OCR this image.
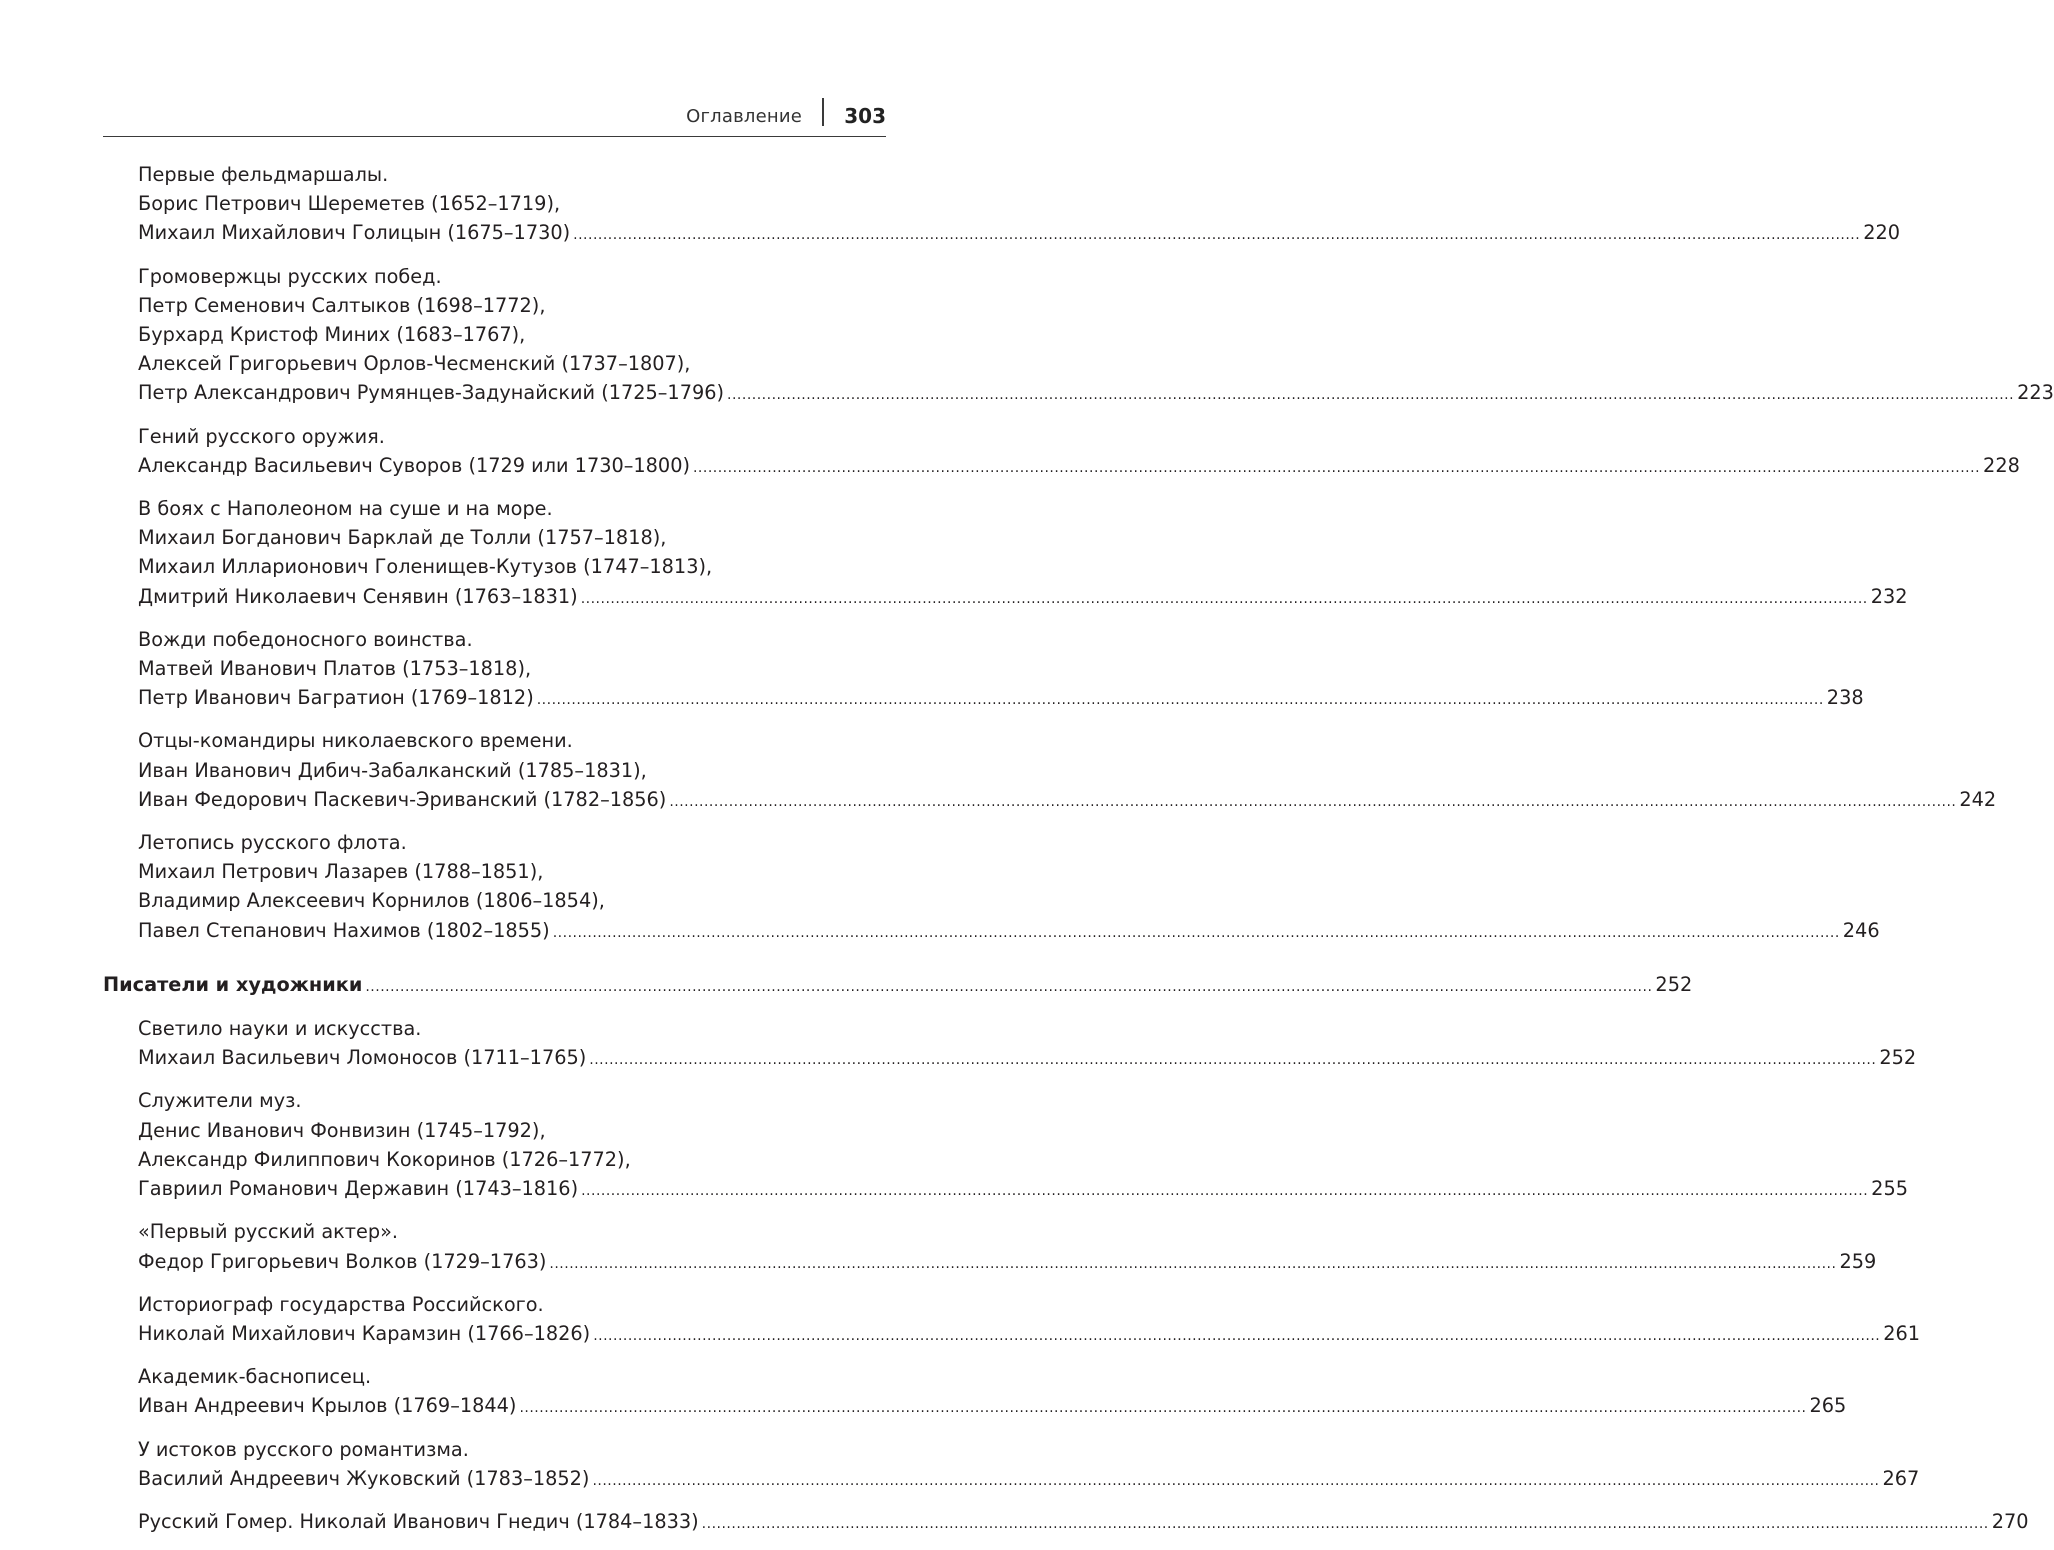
Оглавление 303
Первые фельдмаршалы.
Борис Петрович Шереметев (1652–1719),
Михаил Михайлович Голицын (1675–1730) .................................................................................................................................................................................................................................................................... 220
Громовержцы русских побед.
Петр Семенович Салтыков (1698–1772),
Бурхард Кристоф Миних (1683–1767),
Алексей Григорьевич Орлов-Чесменский (1737–1807),
Петр Александрович Румянцев-Задунайский (1725–1796) .................................................................................................................................................................................................................................................................... 223
Гений русского оружия.
Александр Васильевич Суворов (1729 или 1730–1800) .................................................................................................................................................................................................................................................................... 228
В боях с Наполеоном на суше и на море.
Михаил Богданович Барклай де Толли (1757–1818),
Михаил Илларионович Голенищев-Кутузов (1747–1813),
Дмитрий Николаевич Сенявин (1763–1831) .................................................................................................................................................................................................................................................................... 232
Вожди победоносного воинства.
Матвей Иванович Платов (1753–1818),
Петр Иванович Багратион (1769–1812) .................................................................................................................................................................................................................................................................... 238
Отцы-командиры николаевского времени.
Иван Иванович Дибич-Забалканский (1785–1831),
Иван Федорович Паскевич-Эриванский (1782–1856) .................................................................................................................................................................................................................................................................... 242
Летопись русского флота.
Михаил Петрович Лазарев (1788–1851),
Владимир Алексеевич Корнилов (1806–1854),
Павел Степанович Нахимов (1802–1855) .................................................................................................................................................................................................................................................................... 246
Писатели и художники .................................................................................................................................................................................................................................................................... 252
Светило науки и искусства.
Михаил Васильевич Ломоносов (1711–1765) .................................................................................................................................................................................................................................................................... 252
Служители муз.
Денис Иванович Фонвизин (1745–1792),
Александр Филиппович Кокоринов (1726–1772),
Гавриил Романович Державин (1743–1816) .................................................................................................................................................................................................................................................................... 255
«Первый русский актер».
Федор Григорьевич Волков (1729–1763) .................................................................................................................................................................................................................................................................... 259
Историограф государства Российского.
Николай Михайлович Карамзин (1766–1826) .................................................................................................................................................................................................................................................................... 261
Академик-баснописец.
Иван Андреевич Крылов (1769–1844) .................................................................................................................................................................................................................................................................... 265
У истоков русского романтизма.
Василий Андреевич Жуковский (1783–1852) .................................................................................................................................................................................................................................................................... 267
Русский Гомер. Николай Иванович Гнедич (1784–1833) .................................................................................................................................................................................................................................................................... 270
